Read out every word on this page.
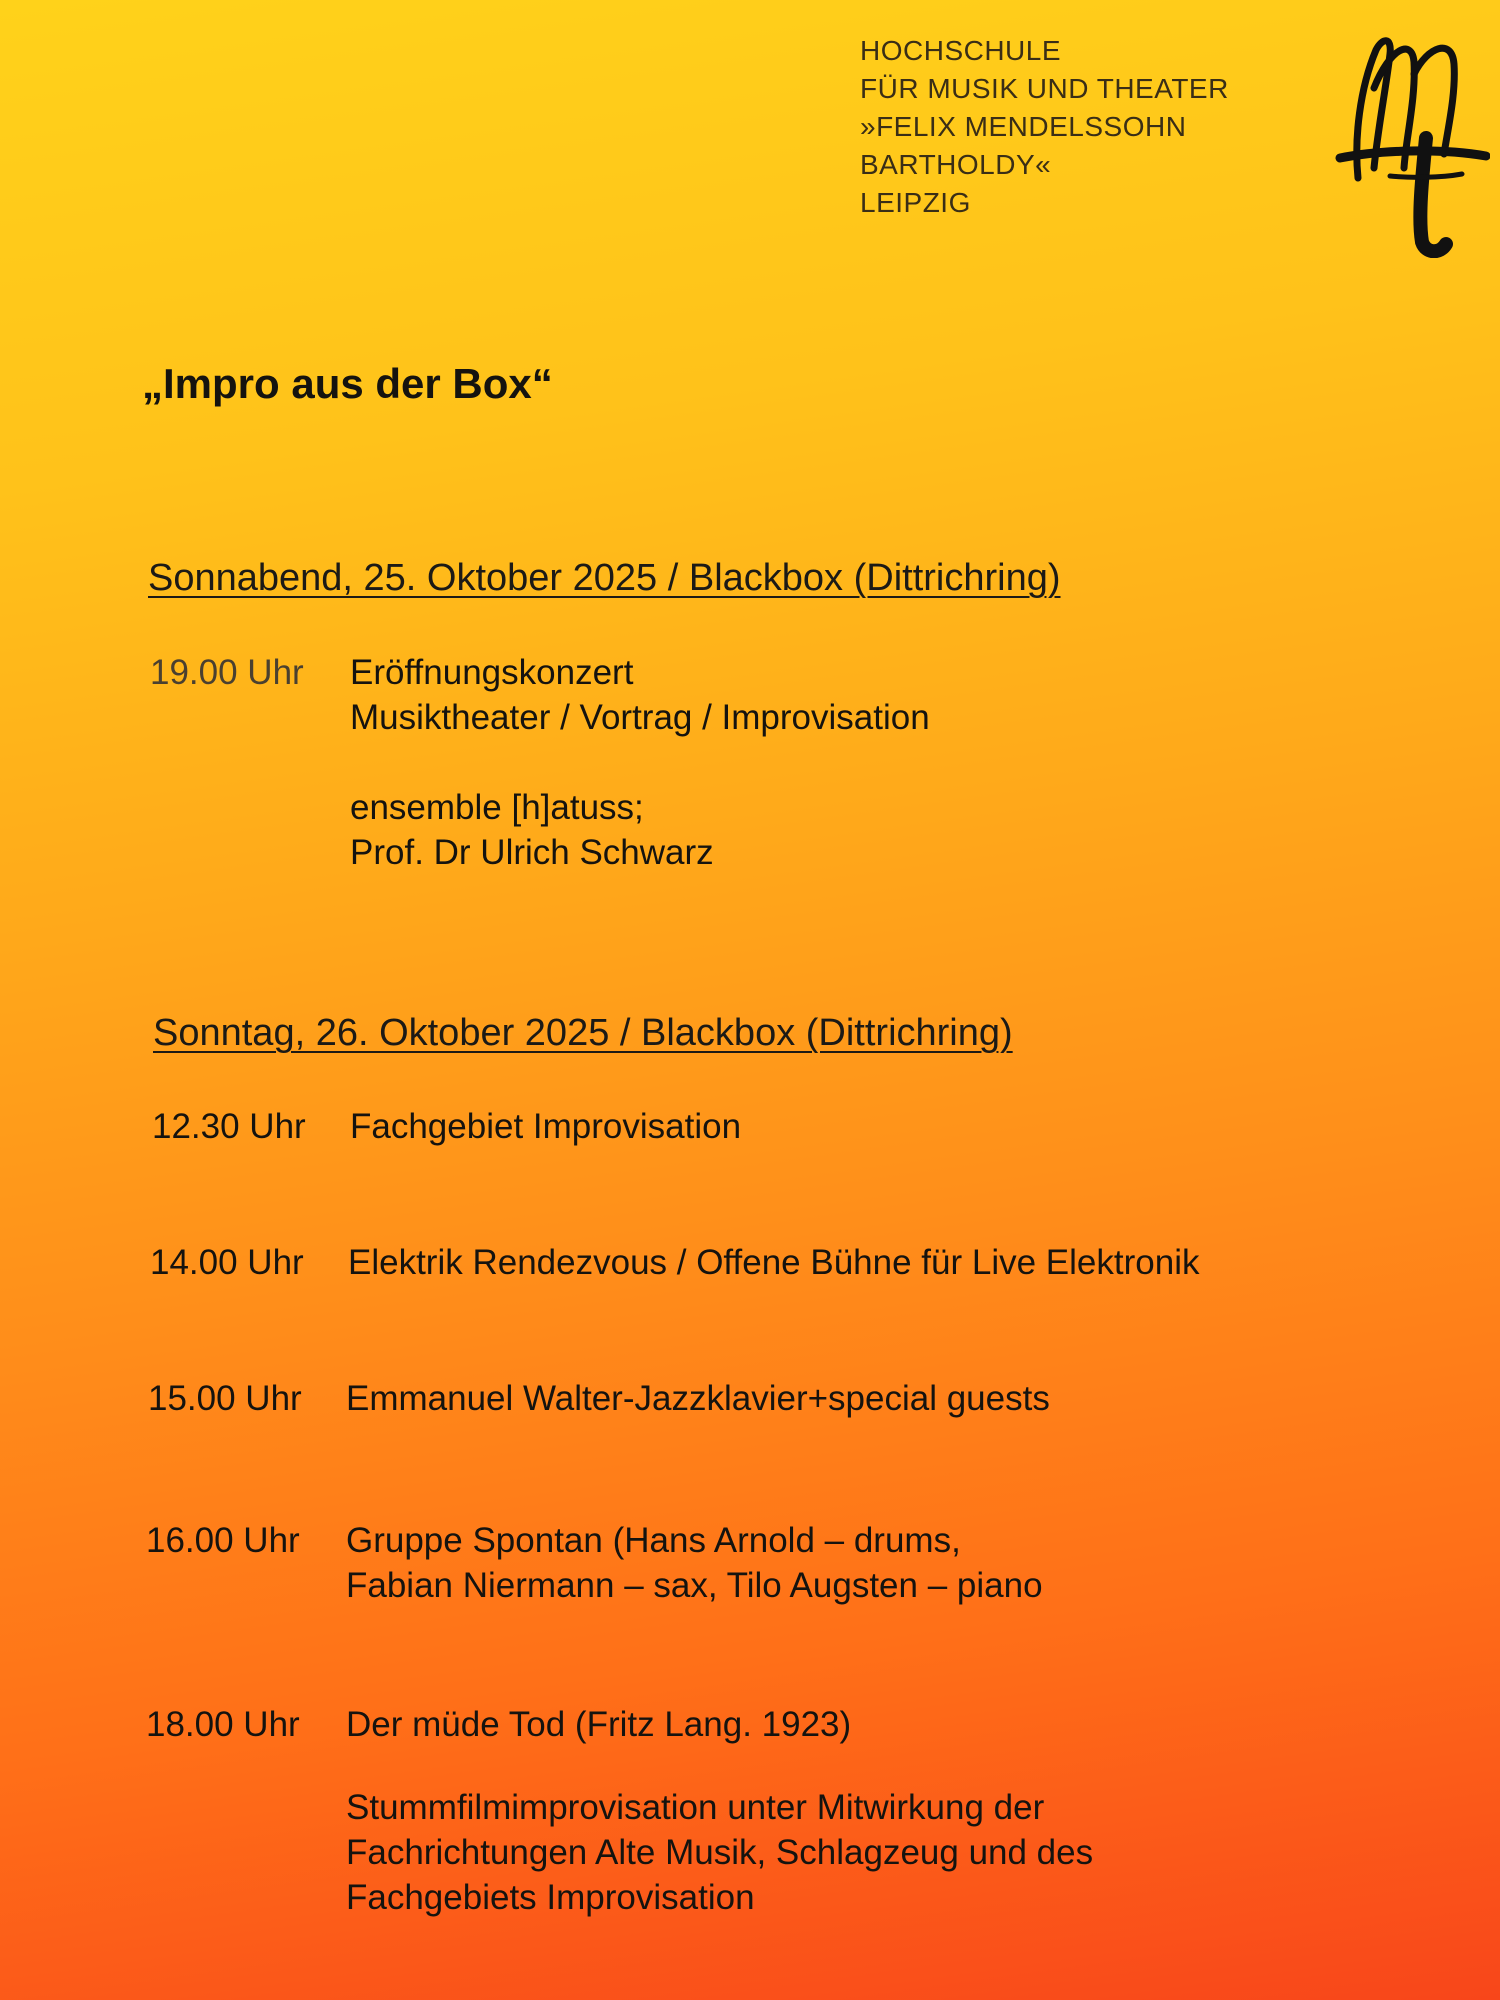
HOCHSCHULE
FÜR MUSIK UND THEATER
»FELIX MENDELSSOHN
BARTHOLDY«
LEIPZIG
„Impro aus der Box“
Sonnabend, 25. Oktober 2025 / Blackbox (Dittrichring)
19.00 Uhr Eröffnungskonzert
Musiktheater / Vortrag / Improvisation
ensemble [h]atuss;
Prof. Dr Ulrich Schwarz
Sonntag, 26. Oktober 2025 / Blackbox (Dittrichring)
12.30 Uhr Fachgebiet Improvisation
14.00 Uhr Elektrik Rendezvous / Offene Bühne für Live Elektronik
15.00 Uhr Emmanuel Walter-Jazzklavier+special guests
16.00 Uhr Gruppe Spontan (Hans Arnold – drums,
Fabian Niermann – sax, Tilo Augsten – piano
18.00 Uhr Der müde Tod (Fritz Lang. 1923)
Stummfilmimprovisation unter Mitwirkung der
Fachrichtungen Alte Musik, Schlagzeug und des
Fachgebiets Improvisation
